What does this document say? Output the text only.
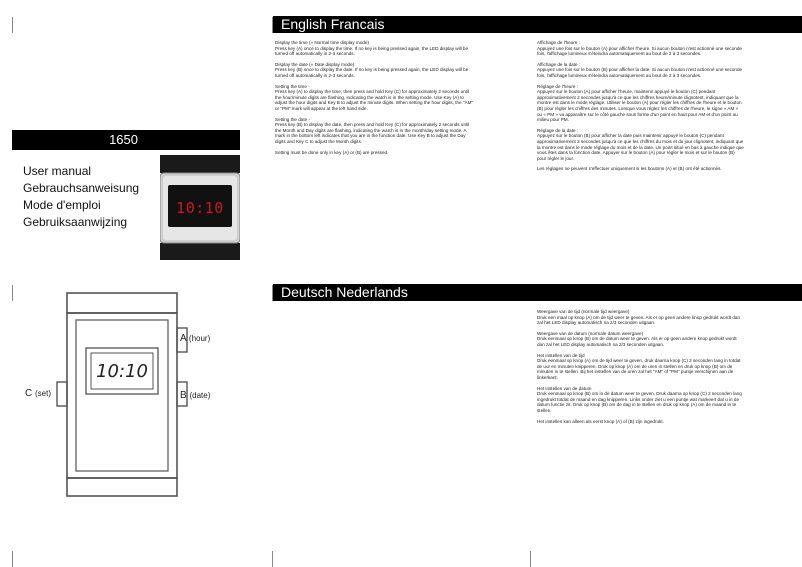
1650
User manual
Gebrauchsanweisung
Mode d'emploi
Gebruiksaanwijzing
10:10
10:10
A (hour)
B (date)
C (set)
English Francais
Deutsch Nederlands
Display the time (» Normal time display mode)
Press key (A) once to display the time. If no key is being pressed again, the LED display will be turned off automatically in 2-3 seconds.
Display the date (» Date display mode)
Press key (B) once to display the date. If no key is being pressed again, the LED display will be turned off automatically in 2-3 seconds.
Setting the time -
Press key (A) to display the time, then press and hold Key (C) for approximately 2 seconds until the hour/minute digits are flashing, indicating the watch is in the setting mode. Use Key (A) to adjust the hour digits and Key B to adjust the minute digits. When setting the hour digits, the "AM" or "PM" mark will appear at the left hand side.
Setting the date -
Press key (B) to display the date, then press and hold Key (C) for approximately 2 seconds until the Month and Day digits are flashing, indicating the watch is in the month/day setting mode. A mark in the bottom left indicates that you are in the function date. Use Key B to adjust the Day digits and Key C to adjust the Month digits.
Setting must be done only in key (A) or (B) are pressed.
Affichage de l'heure :
Appuyez une fois sur le bouton (A) pour afficher l'heure. Si aucun bouton n'est actionné une seconde fois, l'affichage lumineux s'éteindra automatiquement au bout de 2 à 3 secondes.
Affichage de la date :
Appuyez une fois sur le bouton (B) pour afficher la date. Si aucun bouton n'est actionné une seconde fois, l'affichage lumineux s'éteindra automatiquement au bout de 2 à 3 secondes.
Réglage de l'heure :
Appuyez sur le bouton (A) pour afficher l'heure, maintenir appuyé le bouton (C) pendant approximativement 2 secondes jusqu'à ce que les chiffres heure/minute clignotent, indiquant que la montre est dans le mode réglage. Utiliser le bouton (A) pour régler les chiffres de l'heure et le bouton (B) pour régler les chiffres des minutes. Lorsque vous réglez les chiffres de l'heure, le signe « AM » ou « PM » va apparaître sur le côté gauche sous forme d'un point en haut pour AM et d'un point au milieu pour PM.
Réglage de la date :
Appuyez sur le bouton (B) pour afficher la date puis maintenir appuyé le bouton (C) pendant approximativement 2 secondes jusqu'à ce que les chiffres du mois et du jour clignotent, indiquant que la montre est dans le mode réglage du mois et de la date. Un point situé en bas à gauche indique que vous êtes dans la fonction date. Appuyer sur le bouton (A) pour régler le mois et sur le bouton (B) pour régler le jour.
Les réglages ne peuvent s'effectuer uniquement si les boutons (A) et (B) ont été actionnés.
Weergave van de tijd (normale tijd weergave)
Druk een maal op knop (A) om de tijd weer te geven. Als er op geen andere knop gedrukt wordt dan zal het LED display automatisch na 2/3 seconden uitgaan.
Weergave van de datum (normale datum weergave)
Druk eenmaal op knop (B) om de datum weer te geven. Als er op geen andere knop gedrukt wordt dan zal het LED display automatisch na 2/3 seconden uitgaan.
Het instellen van de tijd
Druk eenmaal op knop (A) om de tijd weer te geven, druk daarna knop (C) 2 seconden lang in totdat de uur en minuten knipperen. Druk op knop (A) om de uren in stellen en druk op knop (B) om de minuten in te stellen. Bij het instellen van de uren zal het "AM" of "PM" puntje verschijnen aan de linkerkant.
Het instellen van de datum
Druk eenmaal op knop (B) om in de datum weer te geven. Druk daarna op knop (C) 2 seconden lang ingedrukt totdat de maand en dag knipperen. Links onder ziet u een puntje wat markeert dat u in de datum functie zit. Druk op knop (B) om de dag in te stellen en druk op knop (A) om de maand in te stellen.
Het instellen kan alleen als eerst knop (A) of (B) zijn ingedrukt.
